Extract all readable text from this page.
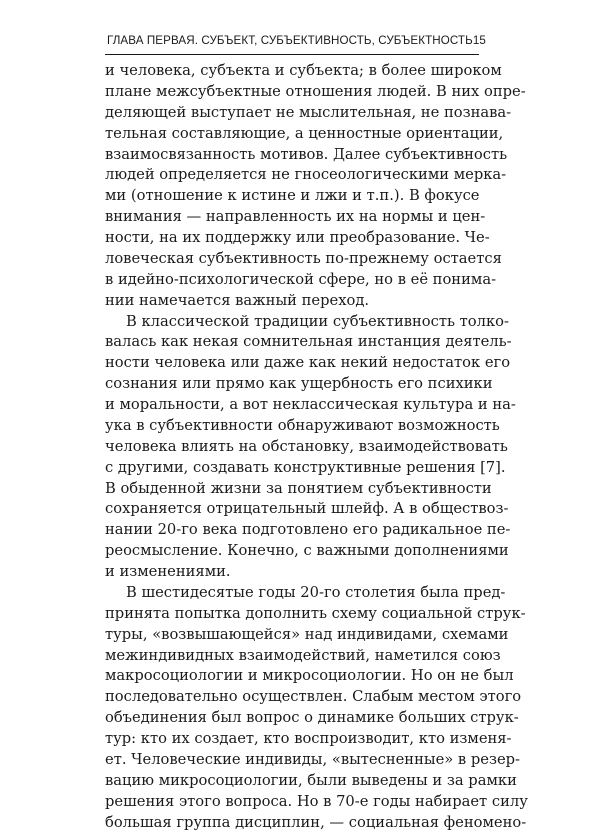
ГЛАВА ПЕРВАЯ. СУБЪЕКТ, СУБЪЕКТИВНОСТЬ, СУБЪЕКТНОСТЬ 15
и человека, субъекта и субъекта; в более широком
плане межсубъектные отношения людей. В них опре-
деляющей выступает не мыслительная, не познава-
тельная составляющие, а ценностные ориентации,
взаимосвязанность мотивов. Далее субъективность
людей определяется не гносеологическими мерка-
ми (отношение к истине и лжи и т.п.). В фокусе
внимания — направленность их на нормы и цен-
ности, на их поддержку или преобразование. Че-
ловеческая субъективность по-прежнему остается
в идейно-психологической сфере, но в её понима-
нии намечается важный переход.
В классической традиции субъективность толко-
валась как некая сомнительная инстанция деятель-
ности человека или даже как некий недостаток его
сознания или прямо как ущербность его психики
и моральности, а вот неклассическая культура и на-
ука в субъективности обнаруживают возможность
человека влиять на обстановку, взаимодействовать
с другими, создавать конструктивные решения [7].
В обыденной жизни за понятием субъективности
сохраняется отрицательный шлейф. А в обществоз-
нании 20-го века подготовлено его радикальное пе-
реосмысление. Конечно, с важными дополнениями
и изменениями.
В шестидесятые годы 20-го столетия была пред-
принята попытка дополнить схему социальной струк-
туры, «возвышающейся» над индивидами, схемами
межиндивидных взаимодействий, наметился союз
макросоциологии и микросоциологии. Но он не был
последовательно осуществлен. Слабым местом этого
объединения был вопрос о динамике больших струк-
тур: кто их создает, кто воспроизводит, кто изменя-
ет. Человеческие индивиды, «вытесненные» в резер-
вацию микросоциологии, были выведены и за рамки
решения этого вопроса. Но в 70-е годы набирает силу
большая группа дисциплин, — социальная феномено-
